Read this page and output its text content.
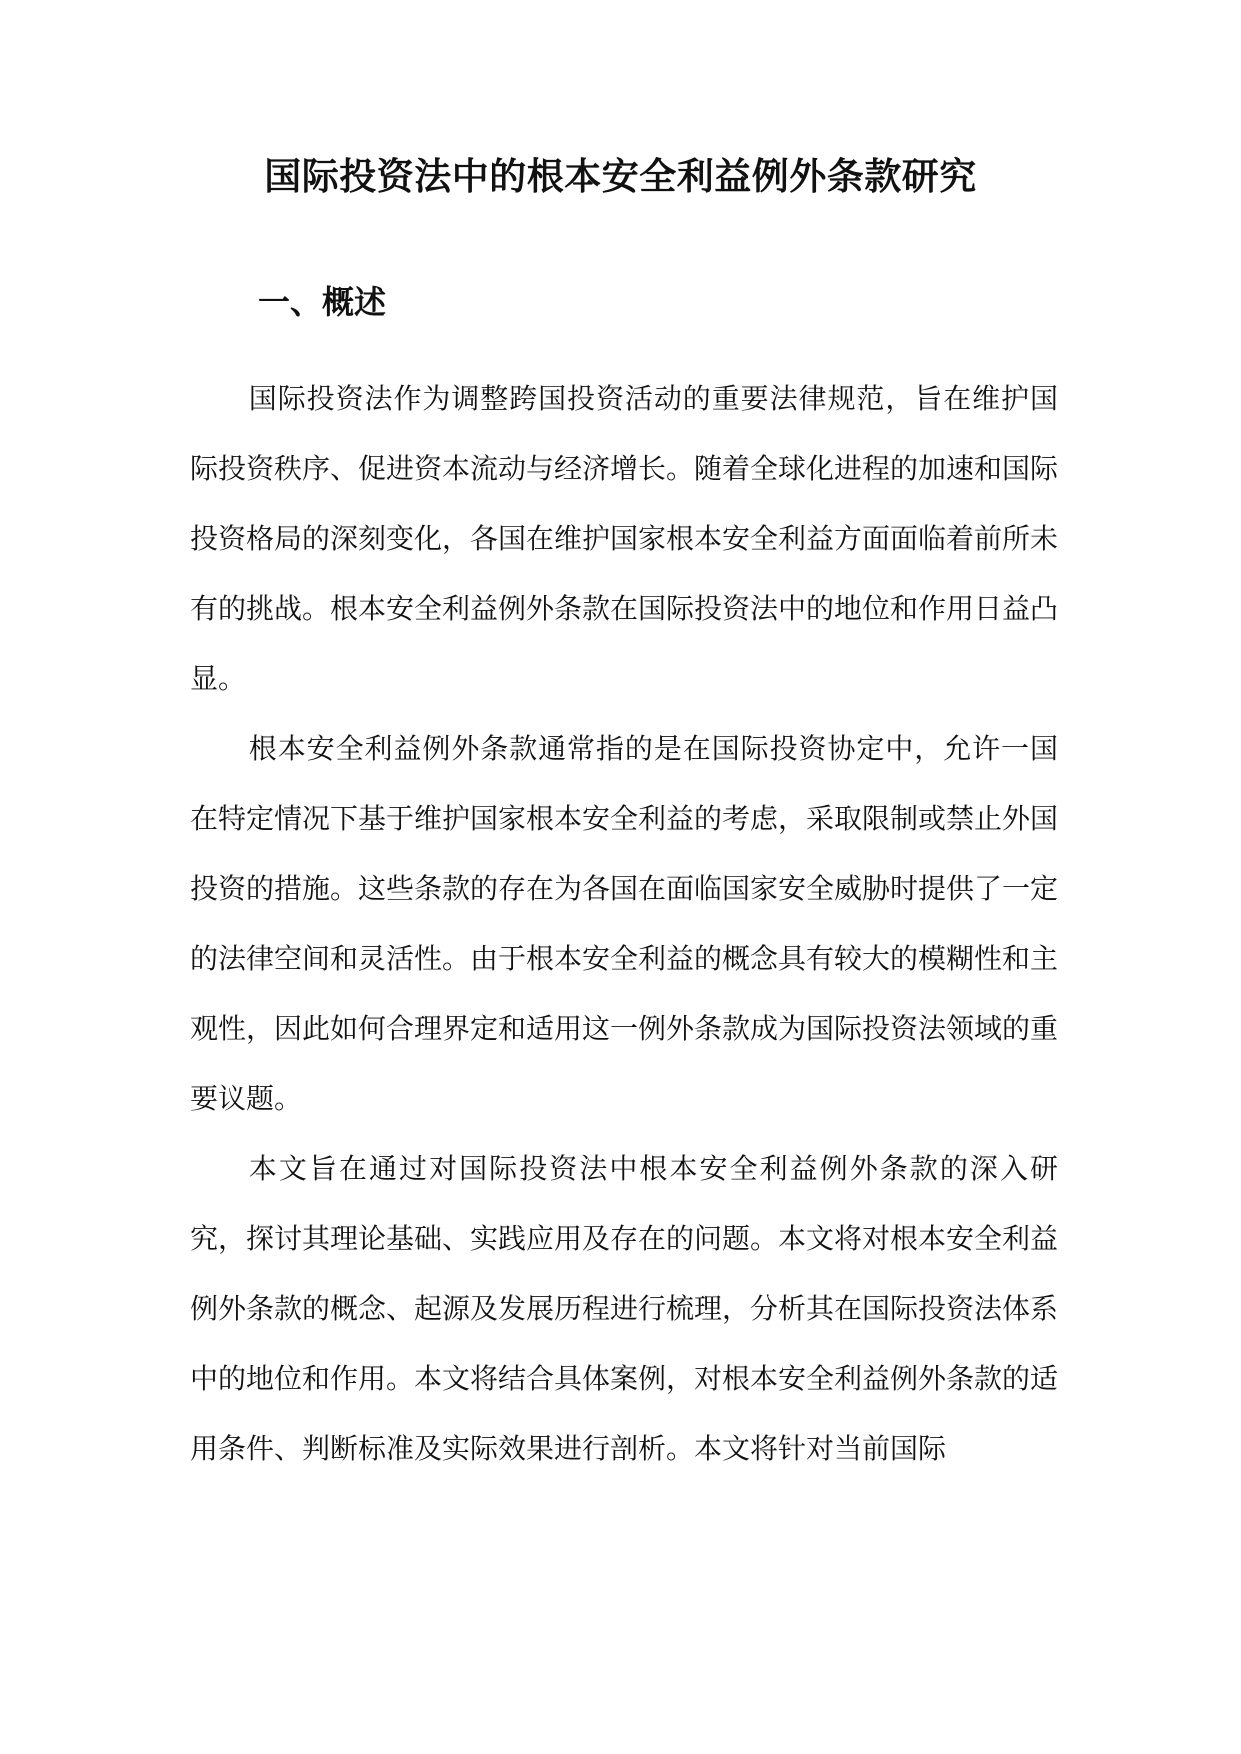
国际投资法中的根本安全利益例外条款研究
一、概述

国际投资法作为调整跨国投资活动的重要法律规范，旨在维护国际投资秩序、促进资本流动与经济增长。随着全球化进程的加速和国际投资格局的深刻变化，各国在维护国家根本安全利益方面面临着前所未有的挑战。根本安全利益例外条款在国际投资法中的地位和作用日益凸显。

根本安全利益例外条款通常指的是在国际投资协定中，允许一国在特定情况下基于维护国家根本安全利益的考虑，采取限制或禁止外国投资的措施。这些条款的存在为各国在面临国家安全威胁时提供了一定的法律空间和灵活性。由于根本安全利益的概念具有较大的模糊性和主观性，因此如何合理界定和适用这一例外条款成为国际投资法领域的重要议题。

本文旨在通过对国际投资法中根本安全利益例外条款的深入研究，探讨其理论基础、实践应用及存在的问题。本文将对根本安全利益例外条款的概念、起源及发展历程进行梳理，分析其在国际投资法体系中的地位和作用。本文将结合具体案例，对根本安全利益例外条款的适用条件、判断标准及实际效果进行剖析。本文将针对当前国际
